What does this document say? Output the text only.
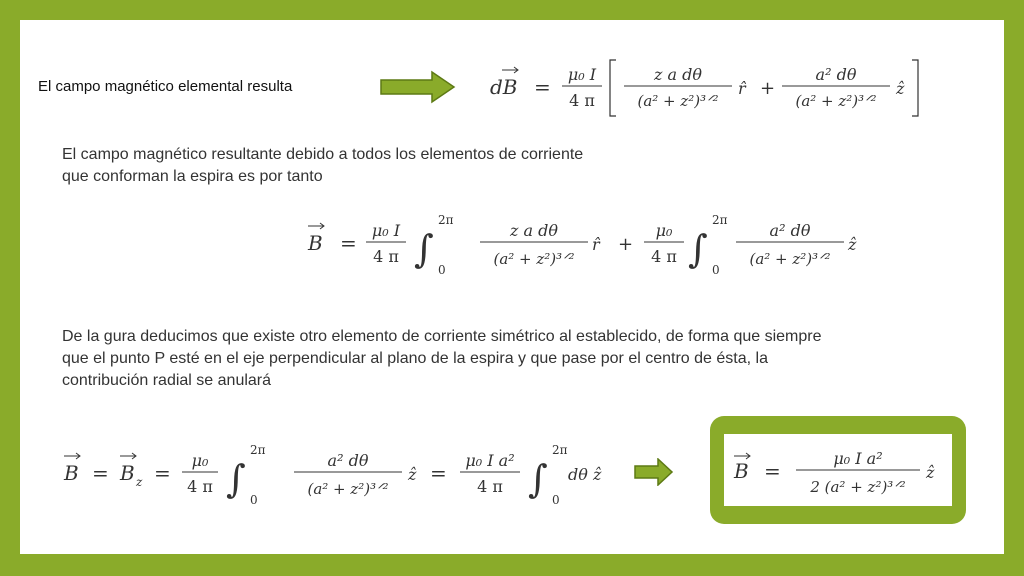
El campo magnético elemental resulta	dB =
μ₀ I
4 π
z a dθ
(a² + z²)³ᐟ²
r̂ +
a² dθ
(a² + z²)³ᐟ²
ẑ
El campo magnético resultante debido a todos los elementos de corriente
que conforman la espira es por tanto
B =
μ₀ I
4 π ∫
2π
0
z a dθ
(a² + z²)³ᐟ²
r̂ +
μ₀
4 π ∫
2π
0
a² dθ
(a² + z²)³ᐟ²
ẑ
De la gura deducimos que existe otro elemento de corriente simétrico al establecido, de forma que siempre
que el punto P esté en el eje perpendicular al plano de la espira y que pase por el centro de ésta, la
contribución radial se anulará
B = B z =
μ₀
4 π ∫
2π
0
a² dθ
(a² + z²)³ᐟ²
ẑ =
μ₀ I a²
4 π ∫
2π
0
dθ ẑ	B =
μ₀ I a²
2 (a² + z²)³ᐟ²
ẑ
